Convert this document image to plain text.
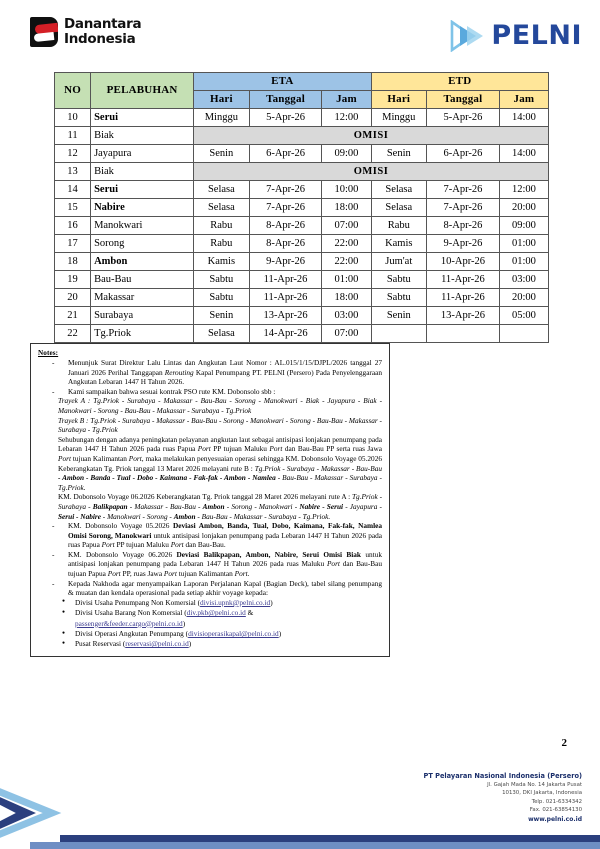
Danantara
Indonesia	PELNI
NO	PELABUHAN	ETA			ETD		
		Hari	Tanggal	Jam	Hari	Tanggal	Jam
10	Serui	Minggu	5-Apr-26	12:00	Minggu	5-Apr-26	14:00
11	Biak	OMISI					
12	Jayapura	Senin	6-Apr-26	09:00	Senin	6-Apr-26	14:00
13	Biak	OMISI					
14	Serui	Selasa	7-Apr-26	10:00	Selasa	7-Apr-26	12:00
15	Nabire	Selasa	7-Apr-26	18:00	Selasa	7-Apr-26	20:00
16	Manokwari	Rabu	8-Apr-26	07:00	Rabu	8-Apr-26	09:00
17	Sorong	Rabu	8-Apr-26	22:00	Kamis	9-Apr-26	01:00
18	Ambon	Kamis	9-Apr-26	22:00	Jum'at	10-Apr-26	01:00
19	Bau-Bau	Sabtu	11-Apr-26	01:00	Sabtu	11-Apr-26	03:00
20	Makassar	Sabtu	11-Apr-26	18:00	Sabtu	11-Apr-26	20:00
21	Surabaya	Senin	13-Apr-26	03:00	Senin	13-Apr-26	05:00
22	Tg.Priok	Selasa	14-Apr-26	07:00			
Notes:
- Menunjuk Surat Direktur Lalu Lintas dan Angkutan Laut Nomor : AL.015/1/15/DJPL/2026 tanggal 27 Januari 2026 Perihal Tanggapan Rerouting Kapal Penumpang PT. PELNI (Persero) Pada Penyelenggaraan Angkutan Lebaran 1447 H Tahun 2026.
- Kami sampaikan bahwa sesuai kontrak PSO rute KM. Dobonsolo sbb :
Trayek A : Tg.Priok - Surabaya - Makassar - Bau-Bau - Sorong - Manokwari - Biak - Jayapura - Biak - Manokwari - Sorong - Bau-Bau - Makassar - Surabaya - Tg.Priok
Trayek B : Tg.Priok - Surabaya - Makassar - Bau-Bau - Sorong - Manokwari - Sorong - Bau-Bau - Makassar - Surabaya - Tg.Priok
Sehubungan dengan adanya peningkatan pelayanan angkutan laut sebagai antisipasi lonjakan penumpang pada Lebaran 1447 H Tahun 2026 pada ruas Papua Port PP tujuan Maluku Port dan Bau-Bau PP serta ruas Jawa Port tujuan Kalimantan Port, maka melakukan penyesuaian operasi sehingga KM. Dobonsolo Voyage 05.2026 Keberangkatan Tg. Priok tanggal 13 Maret 2026 melayani rute B : Tg.Priok - Surabaya - Makassar - Bau-Bau - Ambon - Banda - Tual - Dobo - Kaimana - Fak-fak - Ambon - Namlea - Bau-Bau - Makassar - Surabaya - Tg.Priok.
KM. Dobonsolo Voyage 06.2026 Keberangkatan Tg. Priok tanggal 28 Maret 2026 melayani rute A : Tg.Priok - Surabaya - Balikpapan - Makassar - Bau-Bau - Ambon - Sorong - Manokwari - Nabire - Serui - Jayapura - Serui - Nabire - Manokwari - Sorong - Ambon - Bau-Bau - Makassar - Surabaya - Tg.Priok.
- KM. Dobonsolo Voyage 05.2026 Deviasi Ambon, Banda, Tual, Dobo, Kaimana, Fak-fak, Namlea Omisi Sorong, Manokwari untuk antisipasi lonjakan penumpang pada Lebaran 1447 H Tahun 2026 pada ruas Papua Port PP tujuan Maluku Port dan Bau-Bau.
- KM. Dobonsolo Voyage 06.2026 Deviasi Balikpapan, Ambon, Nabire, Serui Omisi Biak untuk antisipasi lonjakan penumpang pada Lebaran 1447 H Tahun 2026 pada ruas Maluku Port dan Bau-Bau tujuan Papua Port PP, ruas Jawa Port tujuan Kalimantan Port.
- Kepada Nakhoda agar menyampaikan Laporan Perjalanan Kapal (Bagian Deck), tabel silang penumpang & muatan dan kendala operasional pada setiap akhir voyage kepada:
● Divisi Usaha Penumpang Non Komersial (divisi.upnk@pelni.co.id)
● Divisi Usaha Barang Non Komersial (div.pkb@pelni.co.id &
passenger&feeder.cargo@pelni.co.id)
● Divisi Operasi Angkutan Penumpang (divisioperasikapal@pelni.co.id)
● Pusat Reservasi (reservasi@pelni.co.id)
2
PT Pelayaran Nasional Indonesia (Persero)
Jl. Gajah Mada No. 14 Jakarta Pusat
10130, DKI Jakarta, Indonesia
Telp. 021-6334342
Fax. 021-63854130
www.pelni.co.id
